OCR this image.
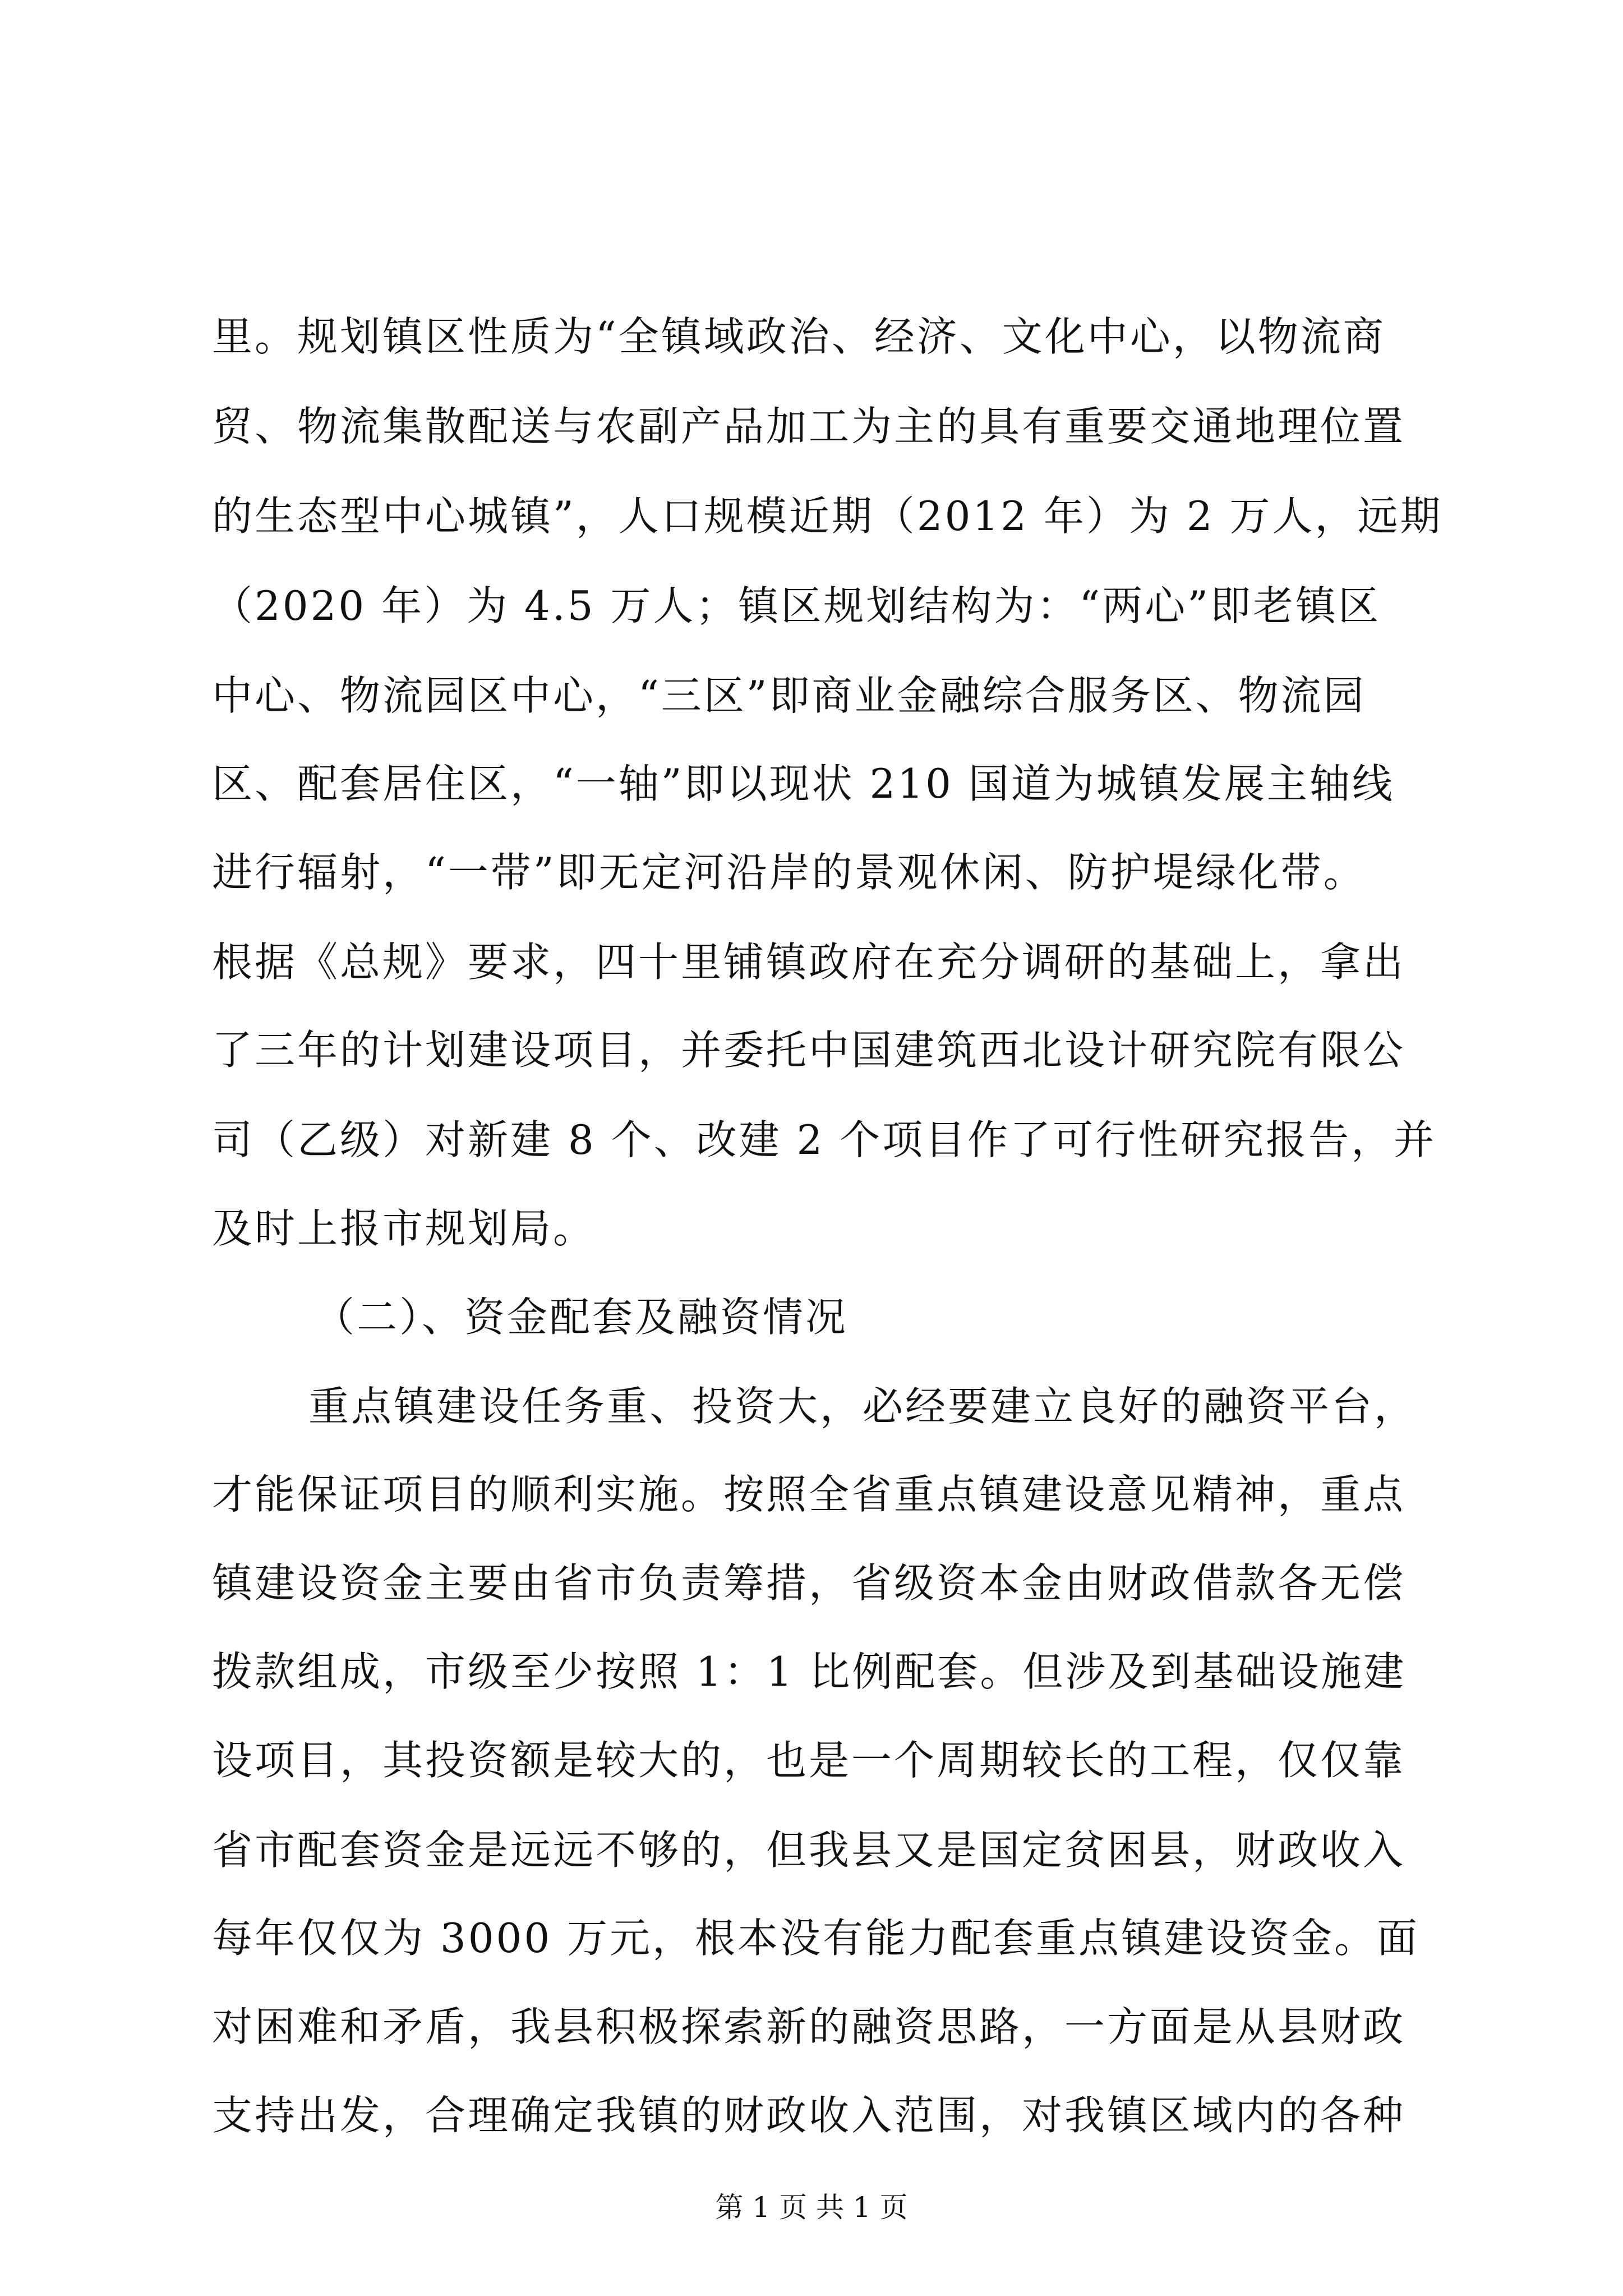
里。规划镇区性质为“全镇域政治、经济、文化中心，以物流商
贸、物流集散配送与农副产品加工为主的具有重要交通地理位置
的生态型中心城镇”，人口规模近期（2012 年）为 2 万人，远期
（2020 年）为 4.5 万人；镇区规划结构为：“两心”即老镇区
中心、物流园区中心，“三区”即商业金融综合服务区、物流园
区、配套居住区，“一轴”即以现状 210 国道为城镇发展主轴线
进行辐射，“一带”即无定河沿岸的景观休闲、防护堤绿化带。
根据《总规》要求，四十里铺镇政府在充分调研的基础上，拿出
了三年的计划建设项目，并委托中国建筑西北设计研究院有限公
司（乙级）对新建 8 个、改建 2 个项目作了可行性研究报告，并
及时上报市规划局。
（二）、资金配套及融资情况
重点镇建设任务重、投资大，必经要建立良好的融资平台，
才能保证项目的顺利实施。按照全省重点镇建设意见精神，重点
镇建设资金主要由省市负责筹措，省级资本金由财政借款各无偿
拨款组成，市级至少按照 1：1 比例配套。但涉及到基础设施建
设项目，其投资额是较大的，也是一个周期较长的工程，仅仅靠
省市配套资金是远远不够的，但我县又是国定贫困县，财政收入
每年仅仅为 3000 万元，根本没有能力配套重点镇建设资金。面
对困难和矛盾，我县积极探索新的融资思路，一方面是从县财政
支持出发，合理确定我镇的财政收入范围，对我镇区域内的各种
第 1 页 共 1 页
